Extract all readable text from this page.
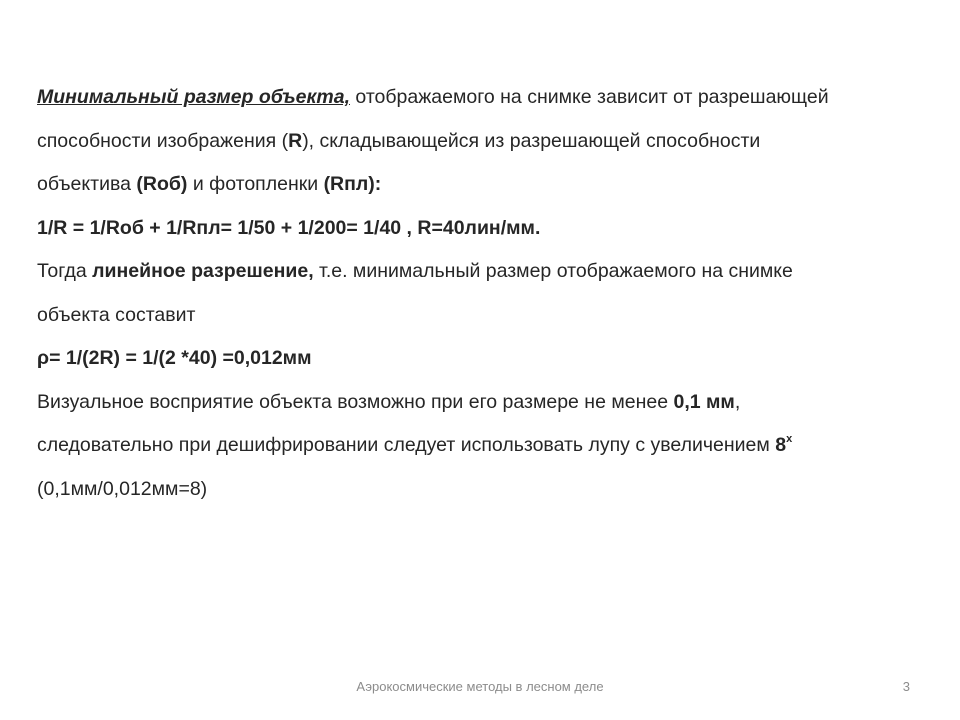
Минимальный размер объекта, отображаемого на снимке зависит от разрешающей
способности изображения (R), складывающейся из разрешающей способности
объектива (Rоб) и фотопленки (Rпл):
1/R = 1/Rоб + 1/Rпл= 1/50 + 1/200= 1/40 , R=40лин/мм.
Тогда линейное разрешение, т.е. минимальный размер отображаемого на снимке
объекта составит
ρ= 1/(2R) = 1/(2 *40) =0,012мм
Визуальное восприятие объекта возможно при его размере не менее 0,1 мм,
следовательно при дешифрировании следует использовать лупу с увеличением $8^х$
(0,1мм/0,012мм=8)
Аэрокосмические методы в лесном деле	3
